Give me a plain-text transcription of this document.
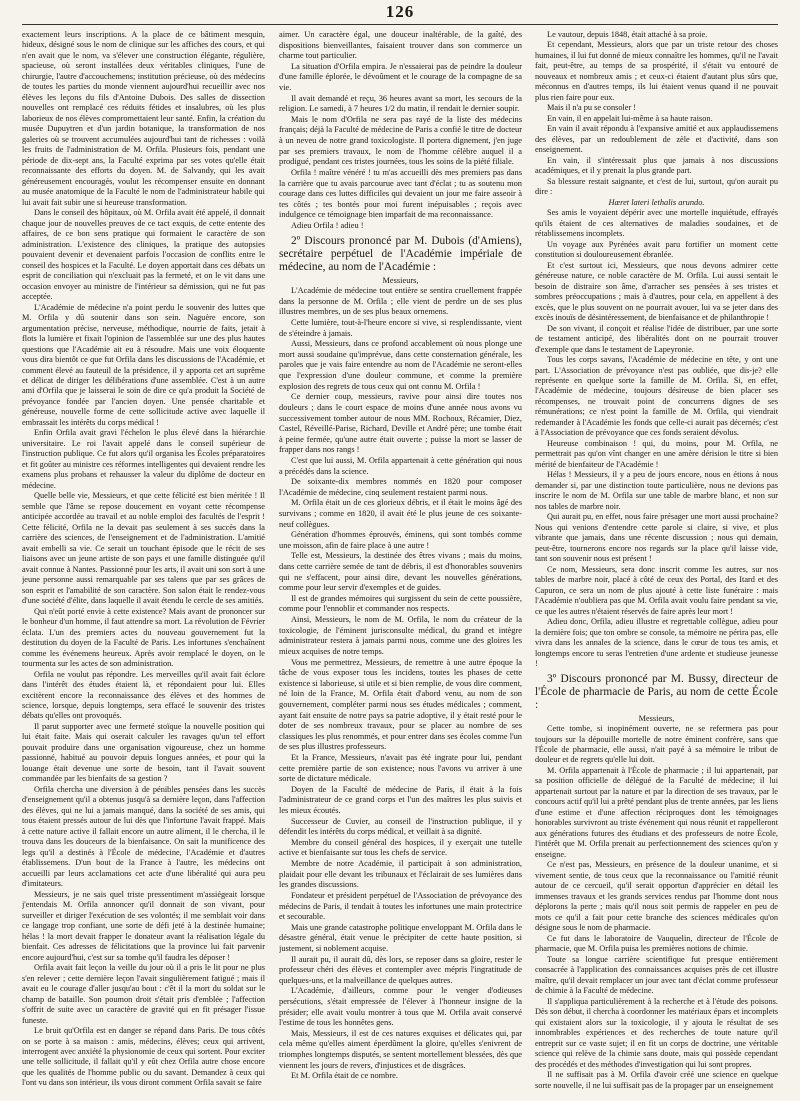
126

exactement leurs inscriptions. A la place de ce bâtiment mesquin, hideux, désigné sous le nom de clinique sur les affiches des cours, et qui n'en avait que le nom, va s'élever une construction élégante, régulière, spacieuse, où seront installées deux véritables cliniques, l'une de chirurgie, l'autre d'accouchemens; institution précieuse, où des médecins de toutes les parties du monde viennent aujourd'hui recueillir avec nos élèves les leçons du fils d'Antoine Dubois. Des salles de dissection nouvelles ont remplacé ces réduits fétides et insalubres, où les plus laborieux de nos élèves compromettaient leur santé. Enfin, la création du musée Dupuytren et d'un jardin botanique, la transformation de nos galeries où se trouvent accumulées aujourd'hui tant de richesses : voilà les fruits de l'administration de M. Orfila. Plusieurs fois, pendant une période de dix-sept ans, la Faculté exprima par ses votes qu'elle était reconnaissante des efforts du doyen. M. de Salvandy, qui les avait généreusement encouragés, voulut les récompenser ensuite en donnant au musée anatomique de la Faculté le nom de l'administrateur habile qui lui avait fait subir une si heureuse transformation.

Dans le conseil des hôpitaux, où M. Orfila avait été appelé, il donnait chaque jour de nouvelles preuves de ce tact exquis, de cette entente des affaires, de ce bon sens pratique qui formaient le caractère de son administration. L'existence des cliniques, la pratique des autopsies pouvaient devenir et devenaient parfois l'occasion de conflits entre le conseil des hospices et la Faculté. Le doyen apportait dans ces débats un esprit de conciliation qui n'excluait pas la fermeté, et on le vit dans une occasion envoyer au ministre de l'intérieur sa démission, qui ne fut pas acceptée.

L'Académie de médecine n'a point perdu le souvenir des luttes que M. Orfila y dû soutenir dans son sein. Naguère encore, son argumentation précise, nerveuse, méthodique, nourrie de faits, jetait à flots la lumière et fixait l'opinion de l'assemblée sur une des plus hautes questions que l'Académie ait eu à résoudre. Mais une voix éloquente vous dira bientôt ce que fut Orfila dans les discussions de l'Académie, et comment élevé au fauteuil de la présidence, il y apporta cet art suprême et délicat de diriger les délibérations d'une assemblée. C'est à un autre ami d'Orfila que je laisserai le soin de dire ce qu'a produit la Société de prévoyance fondée par l'ancien doyen. Une pensée charitable et généreuse, nouvelle forme de cette sollicitude active avec laquelle il embrassait les intérêts du corps médical !

Enfin Orfila avait gravi l'échelon le plus élevé dans la hiérarchie universitaire. Le roi l'avait appelé dans le conseil supérieur de l'instruction publique. Ce fut alors qu'il organisa les Écoles préparatoires et fit goûter au ministre ces réformes intelligentes qui devaient rendre les examens plus probans et rehausser la valeur du diplôme de docteur en médecine.

Quelle belle vie, Messieurs, et que cette félicité est bien méritée ! Il semble que l'âme se repose doucement en voyant cette récompense anticipée accordée au travail et au noble emploi des facultés de l'esprit ! Cette félicité, Orfila ne la devait pas seulement à ses succès dans la carrière des sciences, de l'enseignement et de l'administration. L'amitié avait embelli sa vie. Ce serait un touchant épisode que le récit de ses liaisons avec un jeune artiste de son pays et une famille distinguée qu'il avait connue à Nantes. Passionné pour les arts, il avait uni son sort à une jeune personne aussi remarquable par ses talens que par ses grâces de son esprit et l'amabilité de son caractère. Son salon était le rendez-vous d'une société d'élite, dans laquelle il avait étendu le cercle de ses amitiés.

Qui n'eût porté envie à cette existence? Mais avant de prononcer sur le bonheur d'un homme, il faut attendre sa mort. La révolution de Février éclata. L'un des premiers actes du nouveau gouvernement fut la destitution du doyen de la Faculté de Paris. Les infortunes s'enchaînent comme les événemens heureux. Après avoir remplacé le doyen, on le tourmenta sur les actes de son administration.

Orfila ne voulut pas répondre. Les merveilles qu'il avait fait éclore dans l'intérêt des études étaient là, et répondaient pour lui. Elles excitèrent encore la reconnaissance des élèves et des hommes de science, lorsque, depuis longtemps, sera effacé le souvenir des tristes débats qu'elles ont provoqués.

Il parut supporter avec une fermeté stoïque la nouvelle position qui lui était faite. Mais qui oserait calculer les ravages qu'un tel effort pouvait produire dans une organisation vigoureuse, chez un homme passionné, habitué au pouvoir depuis longues années, et pour qui la louange était devenue une sorte de besoin, tant il l'avait souvent commandée par les bienfaits de sa gestion ?

Orfila chercha une diversion à de pénibles pensées dans les succès d'enseignement qu'il a obtenus jusqu'à sa dernière leçon, dans l'affection des élèves, qui ne lui a jamais manqué, dans la société de ses amis, qui tous étaient pressés autour de lui dès que l'infortune l'avait frappé. Mais à cette nature active il fallait encore un autre aliment, il le chercha, il le trouva dans les douceurs de la bienfaisance. On sait la munificence des legs qu'il a destinés à l'École de médecine, l'Académie et d'autres établissemens. D'un bout de la France à l'autre, les médecins ont accueilli par leurs acclamations cet acte d'une libéralité qui aura peu d'imitateurs.

Messieurs, je ne sais quel triste pressentiment m'assiégeait lorsque j'entendais M. Orfila annoncer qu'il donnait de son vivant, pour surveiller et diriger l'exécution de ses volontés; il me semblait voir dans ce langage trop confiant, une sorte de défi jeté à la destinée humaine; hélas ! la mort devait frapper le donateur avant la réalisation légale du bienfait. Ces adresses de félicitations que la province lui fait parvenir encore aujourd'hui, c'est sur sa tombe qu'il faudra les déposer !

Orfila avait fait leçon la veille du jour où il a pris le lit pour ne plus s'en relever ; cette dernière leçon l'avait singulièrement fatigué ; mais il avait eu le courage d'aller jusqu'au bout : c'êt il la mort du soldat sur le champ de bataille. Son poumon droit s'était pris d'emblée ; l'affection s'offrit de suite avec un caractère de gravité qui en fit présager l'issue funeste.

Le bruit qu'Orfila est en danger se répand dans Paris. De tous côtés on se porte à sa maison : amis, médecins, élèves; ceux qui arrivent, interrogent avec anxiété la physionomie de ceux qui sortent. Pour exciter une telle sollicitude, il fallait qu'il y eût chez Orfila autre chose encore que les qualités de l'homme public ou du savant. Demandez à ceux qui l'ont vu dans son intérieur, ils vous diront comment Orfila savait se faire

aimer. Un caractère égal, une douceur inaltérable, de la gaîté, des dispositions bienveillantes, faisaient trouver dans son commerce un charme tout particulier.

La situation d'Orfila empira. Je n'essaierai pas de peindre la douleur d'une famille éplorée, le dévoûment et le courage de la compagne de sa vie.

Il avait demandé et reçu, 36 heures avant sa mort, les secours de la religion. Le samedi, à 7 heures 1/2 du matin, il rendait le dernier soupir.

Mais le nom d'Orfila ne sera pas rayé de la liste des médecins français; déjà la Faculté de médecine de Paris a confié le titre de docteur à un neveu de notre grand toxicologiste. Il portera dignement, j'en juge par ses premiers travaux, le nom de l'homme célèbre auquel il a prodigué, pendant ces tristes journées, tous les soins de la piété filiale.

Orfila ! maître vénéré ! tu m'as accueilli dès mes premiers pas dans la carrière que tu avais parcourue avec tant d'éclat ; tu as soutenu mon courage dans ces luttes difficiles qui devaient un jour me faire asseoir à tes côtés ; tes bontés pour moi furent inépuisables ; reçois avec indulgence ce témoignage bien imparfait de ma reconnaissance.

Adieu Orfila ! adieu !

2º Discours prononcé par M. Dubois (d'Amiens), secrétaire perpétuel de l'Académie impériale de médecine, au nom de l'Académie :

Messieurs,

L'Académie de médecine tout entière se sentira cruellement frappée dans la personne de M. Orfila ; elle vient de perdre un de ses plus illustres membres, un de ses plus beaux ornemens.

Cette lumière, tout-à-l'heure encore si vive, si resplendissante, vient de s'éteindre à jamais.

Aussi, Messieurs, dans ce profond accablement où nous plonge une mort aussi soudaine qu'imprévue, dans cette consternation générale, les paroles que je vais faire entendre au nom de l'Académie ne seront-elles que l'expression d'une douleur commune, et comme la première explosion des regrets de tous ceux qui ont connu M. Orfila !

Ce dernier coup, messieurs, ravive pour ainsi dire toutes nos douleurs ; dans le court espace de moins d'une année nous avons vu successivement tomber autour de nous MM. Rochoux, Récamier, Diez, Castel, Réveillé-Parise, Richard, Deville et André père; une tombe était à peine fermée, qu'une autre était ouverte ; puisse la mort se lasser de frapper dans nos rangs !

C'est que lui aussi, M. Orfila appartenait à cette génération qui nous a précédés dans la science.

De soixante-dix membres nommés en 1820 pour composer l'Académie de médecine, cinq seulement restaient parmi nous.

M. Orfila était un de ces glorieux débris, et il était le moins âgé des survivans ; comme en 1820, il avait été le plus jeune de ces soixante-neuf collègues.

Génération d'hommes éprouvés, éminens, qui sont tombés comme une moisson, afin de faire place à une autre !

Telle est, Messieurs, la destinée des êtres vivans ; mais du moins, dans cette carrière semée de tant de débris, il est d'honorables souvenirs qui ne s'effacent, pour ainsi dire, devant les nouvelles générations, comme pour leur servir d'exemples et de guides.

Il est de grandes mémoires qui surgissent du sein de cette poussière, comme pour l'ennoblir et commander nos respects.

Ainsi, Messieurs, le nom de M. Orfila, le nom du créateur de la toxicologie, de l'éminent jurisconsulte médical, du grand et intègre administrateur restera à jamais parmi nous, comme une des gloires les mieux acquises de notre temps.

Vous me permettrez, Messieurs, de remettre à une autre époque la tâche de vous exposer tous les incidens, toutes les phases de cette existence si laborieuse, si utile et si bien remplie, de vous dire comment, né loin de la France, M. Orfila était d'abord venu, au nom de son gouvernement, compléter parmi nous ses études médicales ; comment, ayant fait ensuite de notre pays sa patrie adoptive, il y était resté pour le doter de ses nombreux travaux, pour se placer au nombre de ses classiques les plus renommés, et pour entrer dans ses écoles comme l'un de ses plus illustres professeurs.

Et la France, Messieurs, n'avait pas été ingrate pour lui, pendant cette première partie de son existence; nous l'avons vu arriver à une sorte de dictature médicale.

Doyen de la Faculté de médecine de Paris, il était à la fois l'administrateur de ce grand corps et l'un des maîtres les plus suivis et les mieux écoutés.

Successeur de Cuvier, au conseil de l'instruction publique, il y défendit les intérêts du corps médical, et veillait à sa dignité.

Membre du conseil général des hospices, il y exerçait une tutelle active et bienfaisante sur tous les chefs de service.

Membre de notre Académie, il participait à son administration, plaidait pour elle devant les tribunaux et l'éclairait de ses lumières dans les grandes discussions.

Fondateur et président perpétuel de l'Association de prévoyance des médecins de Paris, il tendait à toutes les infortunes une main protectrice et secourable.

Mais une grande catastrophe politique enveloppant M. Orfila dans le désastre général, était venue le précipiter de cette haute position, si justement, si noblement acquise.

Il aurait pu, il aurait dû, dès lors, se reposer dans sa gloire, rester le professeur chéri des élèves et contempler avec mépris l'ingratitude de quelques-uns, et la malveillance de quelques autres.

L'Académie, d'ailleurs, comme pour le venger d'odieuses persécutions, s'était empressée de l'élever à l'honneur insigne de la présider; elle avait voulu montrer à tous que M. Orfila avait conservé l'estime de tous les honnêtes gens.

Mais, Messieurs, il est de ces natures exquises et délicates qui, par cela même qu'elles aiment éperdûment la gloire, qu'elles s'enivrent de triomphes longtemps disputés, se sentent mortellement blessées, dès que viennent les jours de revers, d'injustices et de disgrâces.

Et M. Orfila était de ce nombre.

Le vautour, depuis 1848, était attaché à sa proie.

Et cependant, Messieurs, alors que par un triste retour des choses humaines, il lui fut donné de mieux connaître les hommes, qu'il ne l'avait fait, peut-être, au temps de sa prospérité, il s'était vu entouré de nouveaux et nombreux amis ; et ceux-ci étaient d'autant plus sûrs que, méconnus en d'autres temps, ils lui étaient venus quand il ne pouvait plus rien faire pour eux.

Mais il n'a pu se consoler !

En vain, il en appelait lui-même à sa haute raison.

En vain il avait répondu à l'expansive amitié et aux applaudissemens des élèves, par un redoublement de zèle et d'activité, dans son enseignement.

En vain, il s'intéressait plus que jamais à nos discussions académiques, et il y prenait la plus grande part.

Sa blessure restait saignante, et c'est de lui, surtout, qu'on aurait pu dire :

Hæret lateri lethalis arundo.

Ses amis le voyaient dépérir avec une mortelle inquiétude, effrayés qu'ils étaient de ces alternatives de maladies soudaines, et de rétablissemens incomplets.

Un voyage aux Pyrénées avait paru fortifier un moment cette constitution si douloureusement ébranlée.

Et c'est surtout ici, Messieurs, que nous devons admirer cette généreuse nature, ce noble caractère de M. Orfila. Lui aussi sentait le besoin de distraire son âme, d'arracher ses pensées à ses tristes et sombres préoccupations ; mais à d'autres, pour cela, en appellent à des excès, que le plus souvent on ne pourrait avouer, lui va se jeter dans des excès inouïs de désintéressement, de bienfaisance et de philanthropie !

De son vivant, il conçoit et réalise l'idée de distribuer, par une sorte de testament anticipé, des libéralités dont on ne pourrait trouver d'exemple que dans le testament de Lapeyronie.

Tous les corps savans, l'Académie de médecine en tête, y ont une part. L'Association de prévoyance n'est pas oubliée, que dis-je? elle représente en quelque sorte la famille de M. Orfila. Si, en effet, l'Académie de médecine, toujours désireuse de bien placer ses récompenses, ne trouvait point de concurrens dignes de ses rémunérations; ce n'est point la famille de M. Orfila, qui viendrait redemander à l'Académie les fonds que celle-ci aurait pas décernés; c'est à l'Association de prévoyance que ces fonds seraient dévolus.

Heureuse combinaison ! qui, du moins, pour M. Orfila, ne permettrait pas qu'on vînt changer en une amère dérision le titre si bien mérité de bienfaiteur de l'Académie !

Hélas ! Messieurs, il y a peu de jours encore, nous en étions à nous demander si, par une distinction toute particulière, nous ne devions pas inscrire le nom de M. Orfila sur une table de marbre blanc, et non sur nos tables de marbre noir.

Qui aurait pu, en effet, nous faire présager une mort aussi prochaine? Nous qui venions d'entendre cette parole si claire, si vive, et plus vibrante que jamais, dans une récente discussion ; nous qui demain, peut-être, tournerons encore nos regards sur la place qu'il laisse vide, tant son souvenir nous est présent !

Ce nom, Messieurs, sera donc inscrit comme les autres, sur nos tables de marbre noir, placé à côté de ceux des Portal, des Itard et des Capuron, ce sera un nom de plus ajouté à cette liste funéraire : mais l'Académie n'oubliera pas que M. Orfila avait voulu faire pendant sa vie, ce que les autres n'étaient réservés de faire après leur mort !

Adieu donc, Orfila, adieu illustre et regrettable collègue, adieu pour la dernière fois; que ton ombre se console, ta mémoire ne périra pas, elle vivra dans les annales de la science, dans le cœur de tous tes amis, et longtemps encore tu seras l'entretien d'une ardente et studieuse jeunesse !

3º Discours prononcé par M. Bussy, directeur de l'École de pharmacie de Paris, au nom de cette École :

Messieurs,

Cette tombe, si inopinément ouverte, ne se refermera pas pour toujours sur la dépouille mortelle de notre éminent confrère, sans que l'École de pharmacie, elle aussi, n'ait payé à sa mémoire le tribut de douleur et de regrets qu'elle lui doit.

M. Orfila appartenait à l'École de pharmacie ; il lui appartenait, par sa position officielle de délégué de la Faculté de médecine; il lui appartenait surtout par la nature et par la direction de ses travaux, par le concours actif qu'il lui a prêté pendant plus de trente années, par les liens d'une estime et d'une affection réciproques dont les témoignages honorables survivront au triste événement qui nous réunit et rappelleront aux générations futures des étudians et des professeurs de notre École, l'intérêt que M. Orfila prenait au perfectionnement des sciences qu'on y enseigne.

Ce n'est pas, Messieurs, en présence de la douleur unanime, et si vivement sentie, de tous ceux que la reconnaissance ou l'amitié réunit autour de ce cercueil, qu'il serait opportun d'apprécier en détail les immenses travaux et les grands services rendus par l'homme dont nous déplorons la perte ; mais qu'il nous soit permis de rappeler en peu de mots ce qu'il a fait pour cette branche des sciences médicales qu'on désigne sous le nom de pharmacie.

Ce fut dans le laboratoire de Vauquelin, directeur de l'École de pharmacie, que M. Orfila puisa les premières notions de chimie.

Toute sa longue carrière scientifique fut presque entièrement consacrée à l'application des connaissances acquises près de cet illustre maître, qu'il devait remplacer un jour avec tant d'éclat comme professeur de chimie à la Faculté de médecine.

Il s'appliqua particulièrement à la recherche et à l'étude des poisons. Dès son début, il chercha à coordonner les matériaux épars et incomplets qui existaient alors sur la toxicologie, il y ajouta le résultat de ses innombrables expériences et des recherches de toute nature qu'il entreprit sur ce vaste sujet; il en fit un corps de doctrine, une véritable science qui relève de la chimie sans doute, mais qui possède cependant des procédés et des méthodes d'investigation qui lui sont propres.

Il ne suffisait pas à M. Orfila d'avoir créé une science en quelque sorte nouvelle, il ne lui suffisait pas de la propager par un enseignement
